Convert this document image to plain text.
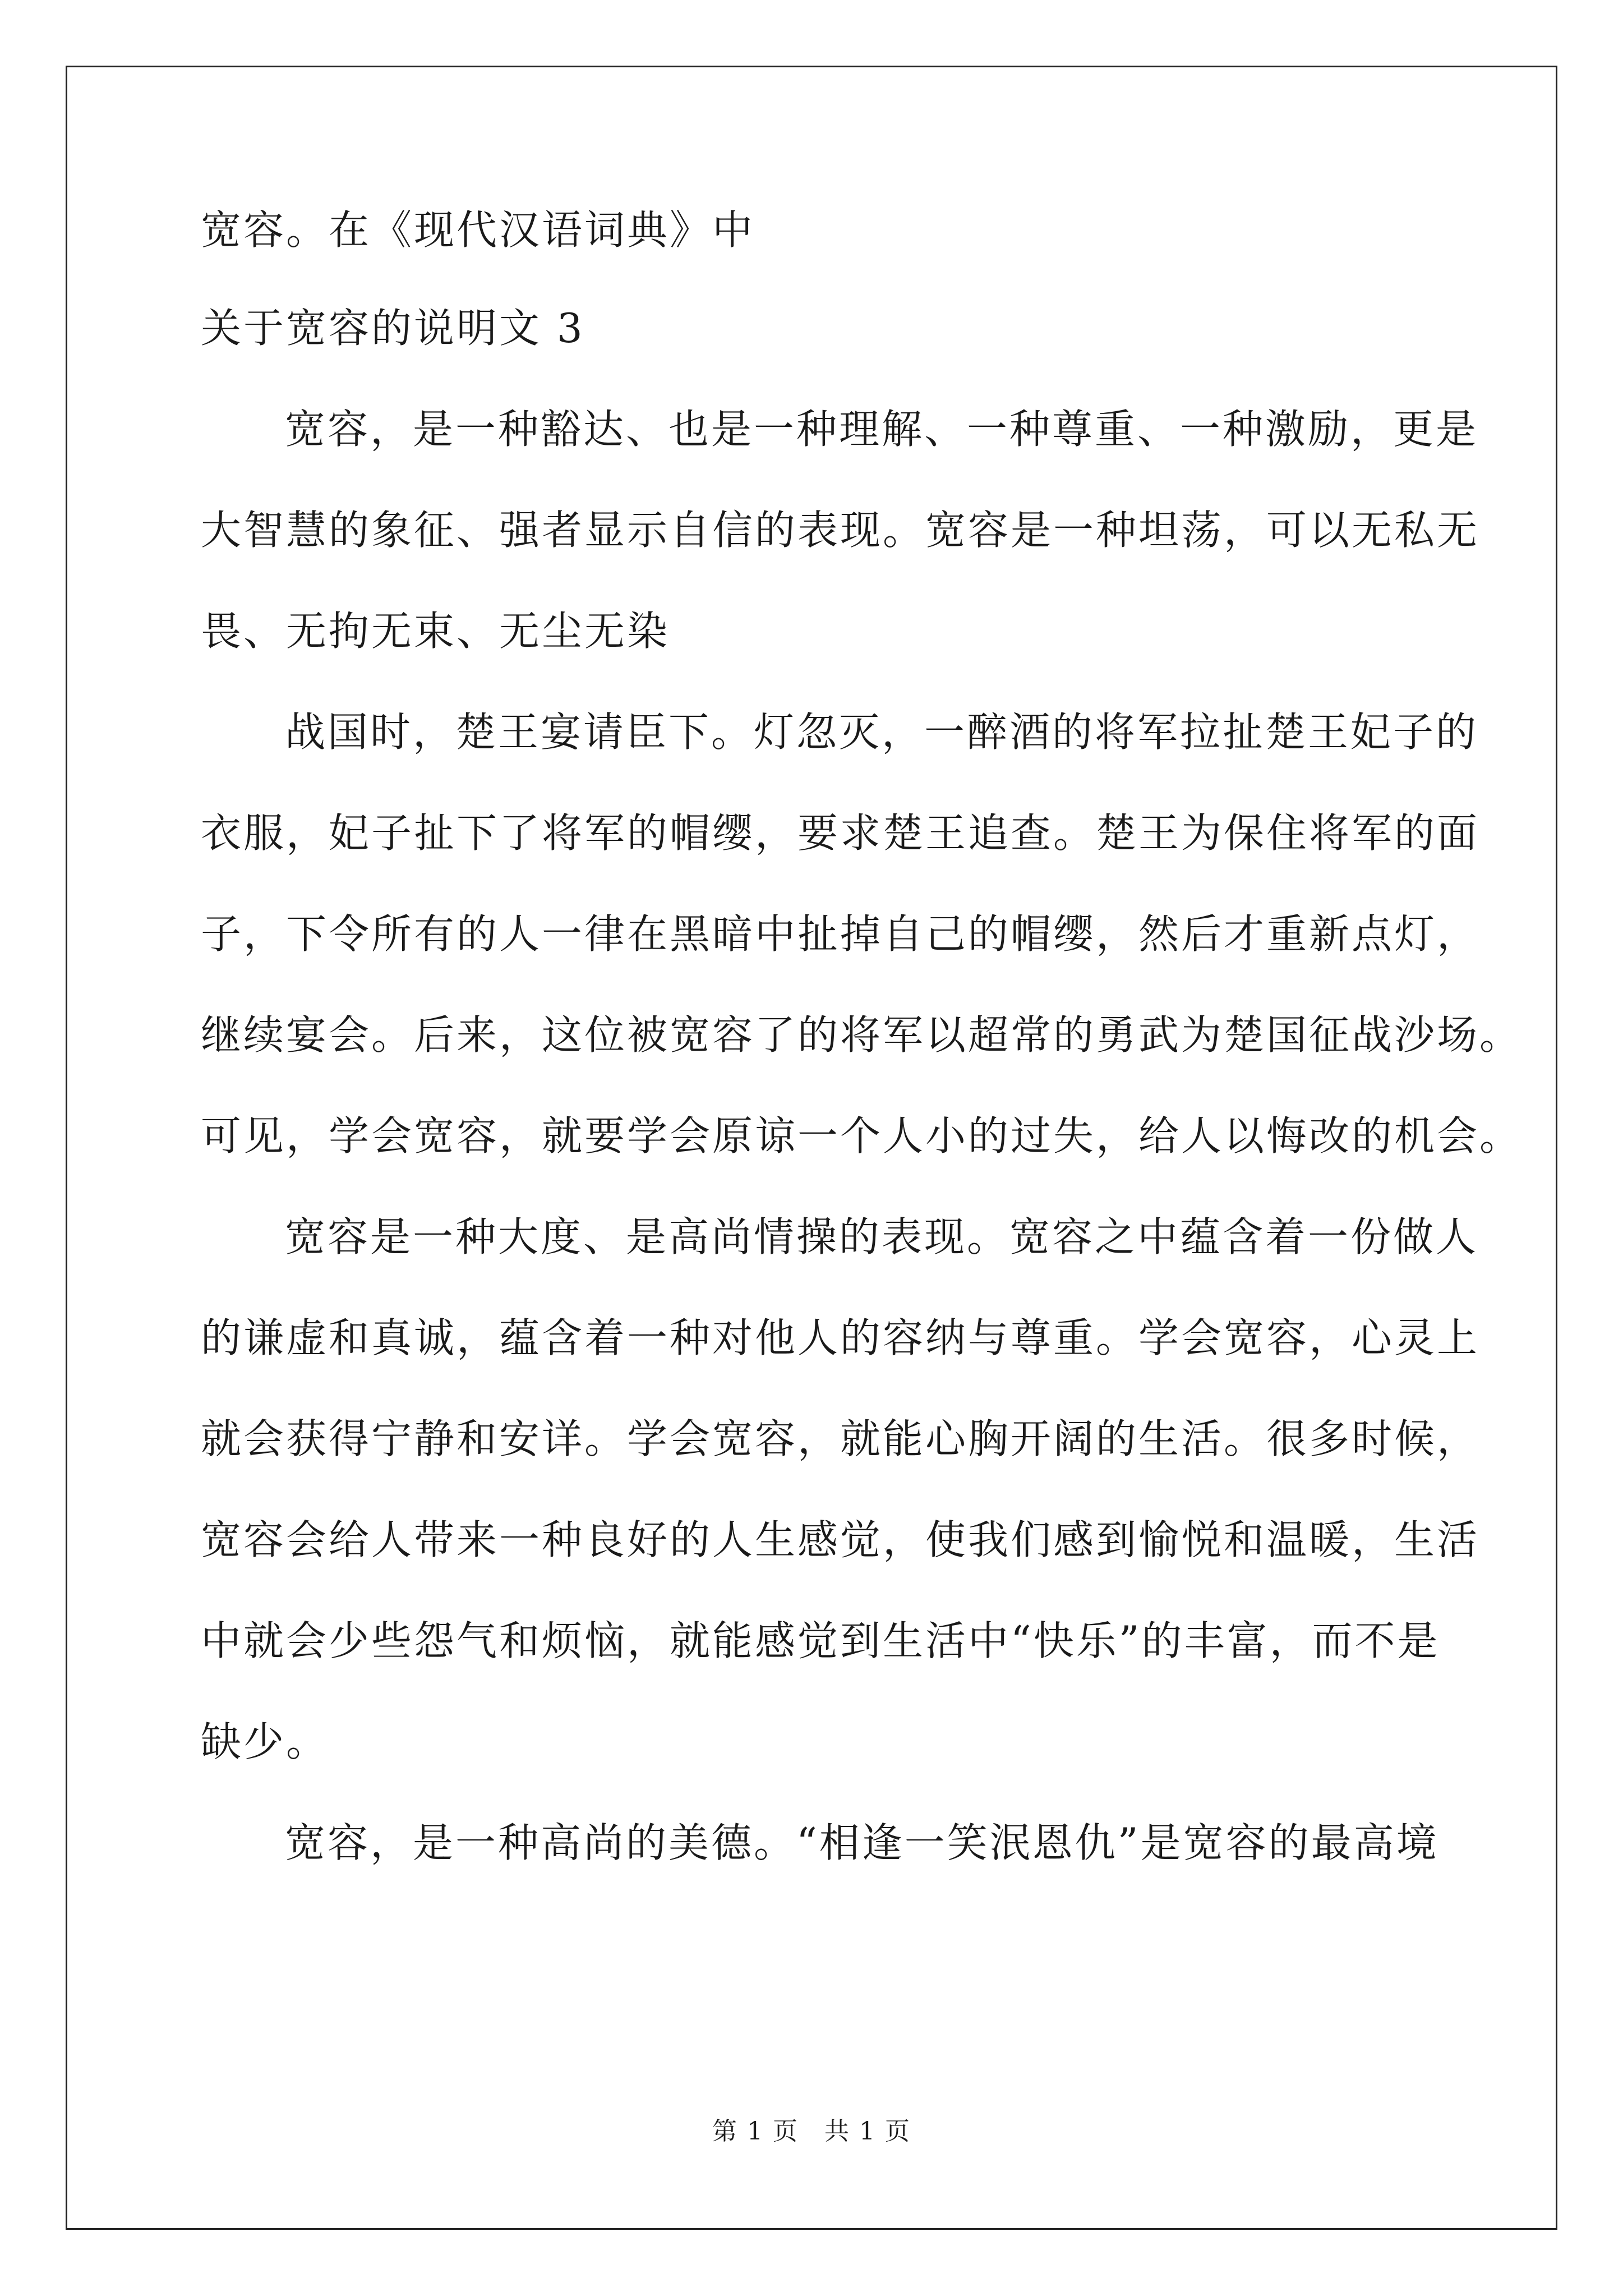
宽容。在《现代汉语词典》中
关于宽容的说明文 3
宽容，是一种豁达、也是一种理解、一种尊重、一种激励，更是
大智慧的象征、强者显示自信的表现。宽容是一种坦荡，可以无私无
畏、无拘无束、无尘无染
战国时，楚王宴请臣下。灯忽灭，一醉酒的将军拉扯楚王妃子的
衣服，妃子扯下了将军的帽缨，要求楚王追查。楚王为保住将军的面
子，下令所有的人一律在黑暗中扯掉自己的帽缨，然后才重新点灯，
继续宴会。后来，这位被宽容了的将军以超常的勇武为楚国征战沙场。
可见，学会宽容，就要学会原谅一个人小的过失，给人以悔改的机会。
宽容是一种大度、是高尚情操的表现。宽容之中蕴含着一份做人
的谦虚和真诚，蕴含着一种对他人的容纳与尊重。学会宽容，心灵上
就会获得宁静和安详。学会宽容，就能心胸开阔的生活。很多时候，
宽容会给人带来一种良好的人生感觉，使我们感到愉悦和温暖，生活
中就会少些怨气和烦恼，就能感觉到生活中“快乐”的丰富，而不是
缺少。
宽容，是一种高尚的美德。“相逢一笑泯恩仇”是宽容的最高境
第 1 页　共 1 页
